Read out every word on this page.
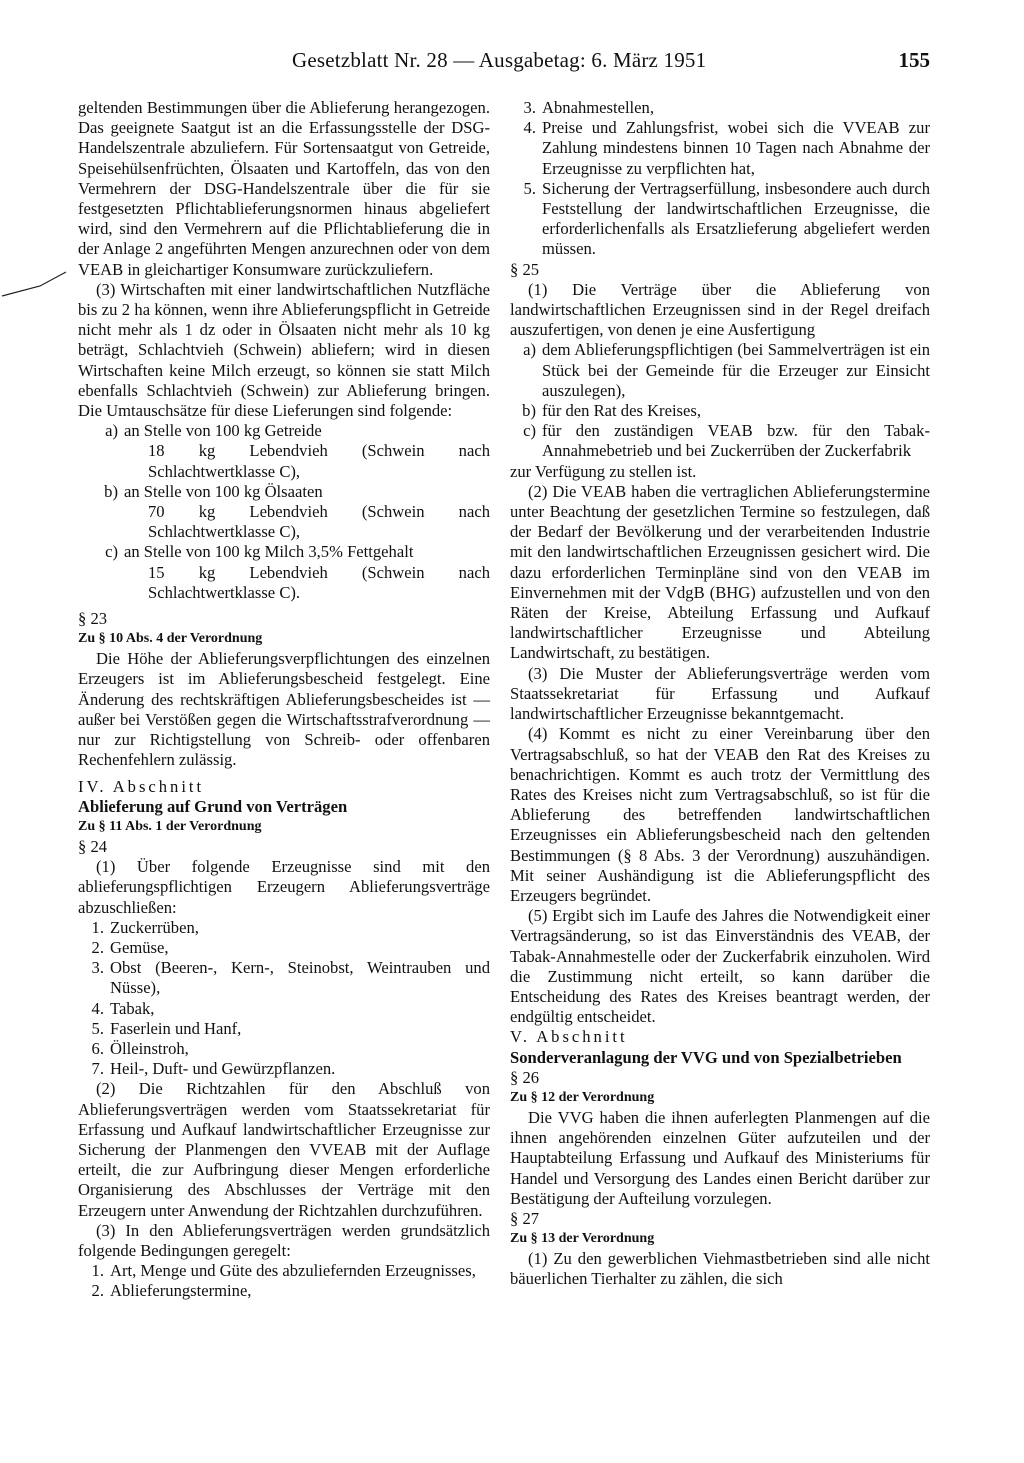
Gesetzblatt Nr. 28 — Ausgabetag: 6. März 1951	155

geltenden Bestimmungen über die Ablieferung herangezogen. Das geeignete Saatgut ist an die Erfassungsstelle der DSG-Handelszentrale abzuliefern. Für Sortensaatgut von Getreide, Speisehülsenfrüchten, Ölsaaten und Kartoffeln, das von den Vermehrern der DSG-Handelszentrale über die für sie festgesetzten Pflichtablieferungsnormen hinaus abgeliefert wird, sind den Vermehrern auf die Pflichtablieferung die in der Anlage 2 angeführten Mengen anzurechnen oder von dem VEAB in gleichartiger Konsumware zurückzuliefern.

(3) Wirtschaften mit einer landwirtschaftlichen Nutzfläche bis zu 2 ha können, wenn ihre Ablieferungspflicht in Getreide nicht mehr als 1 dz oder in Ölsaaten nicht mehr als 10 kg beträgt, Schlachtvieh (Schwein) abliefern; wird in diesen Wirtschaften keine Milch erzeugt, so können sie statt Milch ebenfalls Schlachtvieh (Schwein) zur Ablieferung bringen. Die Umtauschsätze für diese Lieferungen sind folgende:

a) an Stelle von 100 kg Getreide

18 kg Lebendvieh (Schwein nach Schlachtwertklasse C),

b) an Stelle von 100 kg Ölsaaten

70 kg Lebendvieh (Schwein nach Schlachtwertklasse C),

c) an Stelle von 100 kg Milch 3,5% Fettgehalt

15 kg Lebendvieh (Schwein nach Schlachtwertklasse C).

§ 23

Zu § 10 Abs. 4 der Verordnung

Die Höhe der Ablieferungsverpflichtungen des einzelnen Erzeugers ist im Ablieferungsbescheid festgelegt. Eine Änderung des rechtskräftigen Ablieferungsbescheides ist — außer bei Verstößen gegen die Wirtschaftsstrafverordnung — nur zur Richtigstellung von Schreib- oder offenbaren Rechenfehlern zulässig.

IV. Abschnitt

Ablieferung auf Grund von Verträgen

Zu § 11 Abs. 1 der Verordnung

§ 24

(1) Über folgende Erzeugnisse sind mit den ablieferungspflichtigen Erzeugern Ablieferungsverträge abzuschließen:

1. Zuckerrüben,
2. Gemüse,
3. Obst (Beeren-, Kern-, Steinobst, Weintrauben und Nüsse),
4. Tabak,
5. Faserlein und Hanf,
6. Ölleinstroh,
7. Heil-, Duft- und Gewürzpflanzen.

(2) Die Richtzahlen für den Abschluß von Ablieferungsverträgen werden vom Staatssekretariat für Erfassung und Aufkauf landwirtschaftlicher Erzeugnisse zur Sicherung der Planmengen den VVEAB mit der Auflage erteilt, die zur Aufbringung dieser Mengen erforderliche Organisierung des Abschlusses der Verträge mit den Erzeugern unter Anwendung der Richtzahlen durchzuführen.

(3) In den Ablieferungsverträgen werden grundsätzlich folgende Bedingungen geregelt:

1. Art, Menge und Güte des abzuliefernden Erzeugnisses,
2. Ablieferungstermine,
3. Abnahmestellen,
4. Preise und Zahlungsfrist, wobei sich die VVEAB zur Zahlung mindestens binnen 10 Tagen nach Abnahme der Erzeugnisse zu verpflichten hat,
5. Sicherung der Vertragserfüllung, insbesondere auch durch Feststellung der landwirtschaftlichen Erzeugnisse, die erforderlichenfalls als Ersatzlieferung abgeliefert werden müssen.

§ 25

(1) Die Verträge über die Ablieferung von landwirtschaftlichen Erzeugnissen sind in der Regel dreifach auszufertigen, von denen je eine Ausfertigung

a) dem Ablieferungspflichtigen (bei Sammelverträgen ist ein Stück bei der Gemeinde für die Erzeuger zur Einsicht auszulegen),
b) für den Rat des Kreises,
c) für den zuständigen VEAB bzw. für den Tabak-Annahmebetrieb und bei Zuckerrüben der Zuckerfabrik

zur Verfügung zu stellen ist.

(2) Die VEAB haben die vertraglichen Ablieferungstermine unter Beachtung der gesetzlichen Termine so festzulegen, daß der Bedarf der Bevölkerung und der verarbeitenden Industrie mit den landwirtschaftlichen Erzeugnissen gesichert wird. Die dazu erforderlichen Terminpläne sind von den VEAB im Einvernehmen mit der VdgB (BHG) aufzustellen und von den Räten der Kreise, Abteilung Erfassung und Aufkauf landwirtschaftlicher Erzeugnisse und Abteilung Landwirtschaft, zu bestätigen.

(3) Die Muster der Ablieferungsverträge werden vom Staatssekretariat für Erfassung und Aufkauf landwirtschaftlicher Erzeugnisse bekanntgemacht.

(4) Kommt es nicht zu einer Vereinbarung über den Vertragsabschluß, so hat der VEAB den Rat des Kreises zu benachrichtigen. Kommt es auch trotz der Vermittlung des Rates des Kreises nicht zum Vertragsabschluß, so ist für die Ablieferung des betreffenden landwirtschaftlichen Erzeugnisses ein Ablieferungsbescheid nach den geltenden Bestimmungen (§ 8 Abs. 3 der Verordnung) auszuhändigen. Mit seiner Aushändigung ist die Ablieferungspflicht des Erzeugers begründet.

(5) Ergibt sich im Laufe des Jahres die Notwendigkeit einer Vertragsänderung, so ist das Einverständnis des VEAB, der Tabak-Annahmestelle oder der Zuckerfabrik einzuholen. Wird die Zustimmung nicht erteilt, so kann darüber die Entscheidung des Rates des Kreises beantragt werden, der endgültig entscheidet.

V. Abschnitt

Sonderveranlagung der VVG und von Spezialbetrieben

§ 26

Zu § 12 der Verordnung

Die VVG haben die ihnen auferlegten Planmengen auf die ihnen angehörenden einzelnen Güter aufzuteilen und der Hauptabteilung Erfassung und Aufkauf des Ministeriums für Handel und Versorgung des Landes einen Bericht darüber zur Bestätigung der Aufteilung vorzulegen.

§ 27

Zu § 13 der Verordnung

(1) Zu den gewerblichen Viehmastbetrieben sind alle nicht bäuerlichen Tierhalter zu zählen, die sich
